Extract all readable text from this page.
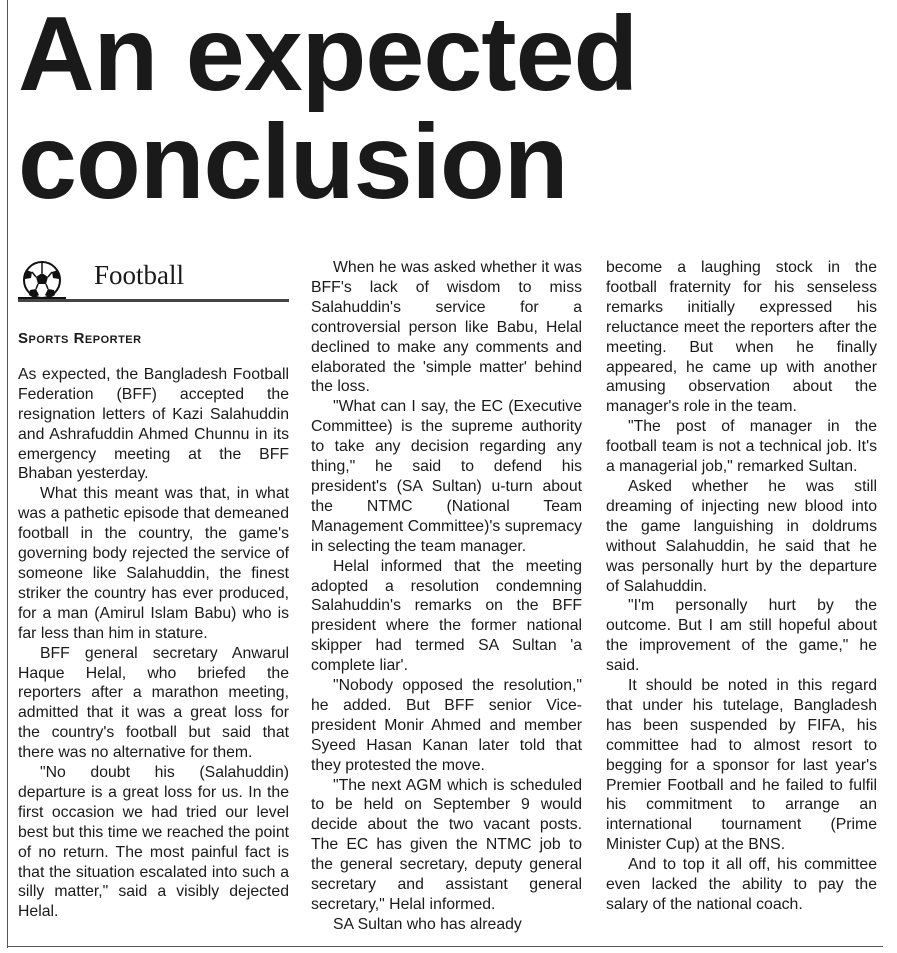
An expected conclusion
Football
Sports Reporter

As expected, the Bangladesh Football Federation (BFF) accepted the resignation letters of Kazi Salahuddin and Ashrafuddin Ahmed Chunnu in its emergency meeting at the BFF Bhaban yesterday.

What this meant was that, in what was a pathetic episode that demeaned football in the country, the game's governing body rejected the service of someone like Salahuddin, the finest striker the country has ever produced, for a man (Amirul Islam Babu) who is far less than him in stature.

BFF general secretary Anwarul Haque Helal, who briefed the reporters after a marathon meeting, admitted that it was a great loss for the country's football but said that there was no alternative for them.

"No doubt his (Salahuddin) departure is a great loss for us. In the first occasion we had tried our level best but this time we reached the point of no return. The most painful fact is that the situation escalated into such a silly matter," said a visibly dejected Helal.

When he was asked whether it was BFF's lack of wisdom to miss Salahuddin's service for a controversial person like Babu, Helal declined to make any comments and elaborated the 'simple matter' behind the loss.

"What can I say, the EC (Executive Committee) is the supreme authority to take any decision regarding any thing," he said to defend his president's (SA Sultan) u-turn about the NTMC (National Team Management Committee)'s supremacy in selecting the team manager.

Helal informed that the meeting adopted a resolution condemning Salahuddin's remarks on the BFF president where the former national skipper had termed SA Sultan 'a complete liar'.

"Nobody opposed the resolution," he added. But BFF senior Vice-president Monir Ahmed and member Syeed Hasan Kanan later told that they protested the move.

"The next AGM which is scheduled to be held on September 9 would decide about the two vacant posts. The EC has given the NTMC job to the general secretary, deputy general secretary and assistant general secretary," Helal informed.

SA Sultan who has already

become a laughing stock in the football fraternity for his senseless remarks initially expressed his reluctance meet the reporters after the meeting. But when he finally appeared, he came up with another amusing observation about the manager's role in the team.

"The post of manager in the football team is not a technical job. It's a managerial job," remarked Sultan.

Asked whether he was still dreaming of injecting new blood into the game languishing in doldrums without Salahuddin, he said that he was personally hurt by the departure of Salahuddin.

"I'm personally hurt by the outcome. But I am still hopeful about the improvement of the game," he said.

It should be noted in this regard that under his tutelage, Bangladesh has been suspended by FIFA, his committee had to almost resort to begging for a sponsor for last year's Premier Football and he failed to fulfil his commitment to arrange an international tournament (Prime Minister Cup) at the BNS.

And to top it all off, his committee even lacked the ability to pay the salary of the national coach.
